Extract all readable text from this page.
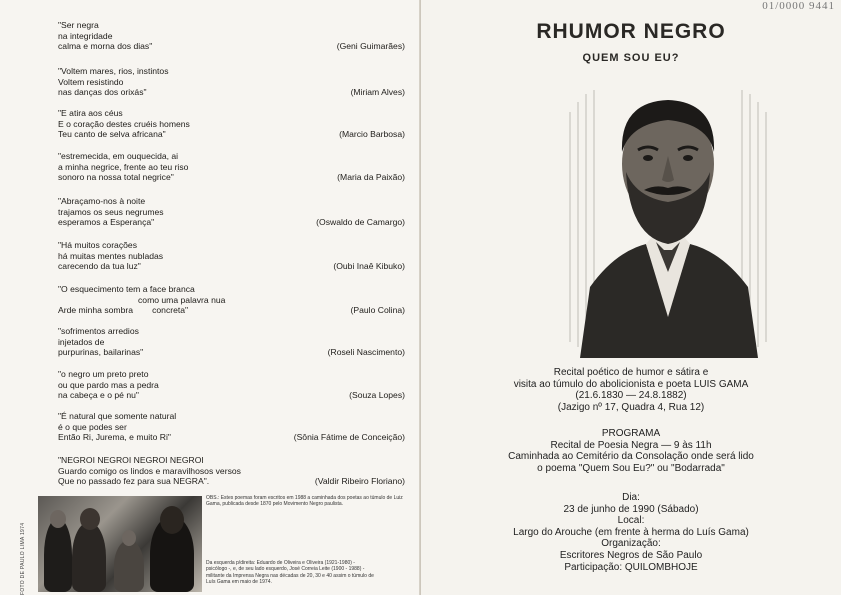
"Ser negra
na integridade
calma e morna dos dias"	(Geni Guimarães)
"Voltem mares, rios, instintos
Voltem resistindo
nas danças dos orixás"	(Miriam Alves)
"E atira aos céus
E o coração destes cruéis homens
Teu canto de selva africana"	(Marcio Barbosa)
"estremecida, em ouquecida, ai
a minha negrice, frente ao teu riso
sonoro na nossa total negrice"	(Maria da Paixão)
"Abraçamo-nos à noite
trajamos os seus negrumes
esperamos a Esperança"	(Oswaldo de Camargo)
"Há muitos corações
há muitas mentes nubladas
carecendo da tua luz"	(Oubi Inaê Kibuko)
"O esquecimento tem a face branca
como uma palavra nua
Arde minha sombra        concreta"	(Paulo Colina)
"sofrimentos arredios
injetados de
purpurinas, bailarinas"	(Roseli Nascimento)
"o negro um preto preto
ou que pardo mas a pedra
na cabeça e o pé nu"	(Souza Lopes)
"É natural que somente natural
é o que podes ser
Então Ri, Jurema, e muito Ri"	(Sônia Fátime de Conceição)
"NEGROI NEGROI NEGROI NEGROI
Guardo comigo os lindos e maravilhosos versos
Que no passado fez para sua NEGRA".	(Valdir Ribeiro Floriano)
FOTO DE PAULO LIMA 1974
OBS.: Estes poemas foram escritos em 1988 a caminhada dos poetas ao túmulo de Luiz Gama, publicada desde 1870 pelo Movimento Negro paulista.
Da esquerda p/direita: Eduardo de Oliveira e Oliveira (1921-1980) - psicólogo -, e, de seu lado esquerdo, José Correia Leite (1900 - 1988) - militante da Imprensa Negra nas décadas de 20, 30 e 40 assim o túmulo de Luís Gama em maio de 1974.
01/0000 9441
RHUMOR NEGRO
QUEM SOU EU?
Recital poético de humor e sátira e
visita ao túmulo do abolicionista e poeta LUIS GAMA
(21.6.1830 — 24.8.1882)
(Jazigo nº 17, Quadra 4, Rua 12)
PROGRAMA
Recital de Poesia Negra — 9 às 11h
Caminhada ao Cemitério da Consolação onde será lido
o poema "Quem Sou Eu?" ou "Bodarrada"
Dia:
23 de junho de 1990 (Sábado)
Local:
Largo do Arouche (em frente à herma do Luís Gama)
Organização:
Escritores Negros de São Paulo
Participação: QUILOMBHOJE
